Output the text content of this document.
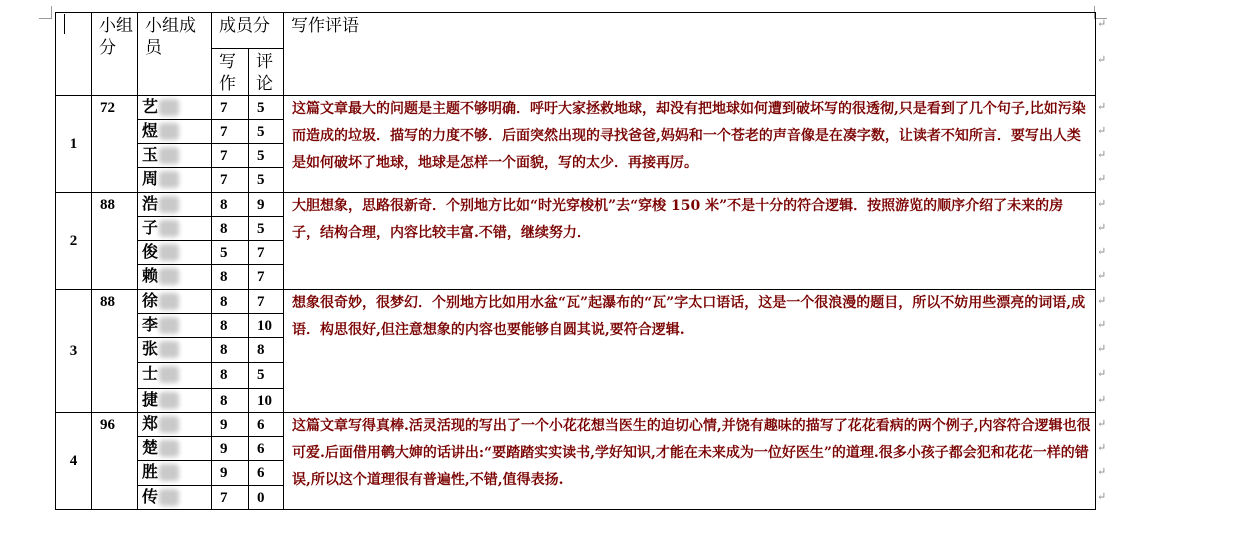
	小组分	小组成员	成员分		写作评语
			写作	评论	
1	72	艺	7	5	这篇文章最大的问题是主题不够明确．呼吁大家拯救地球，却没有把地球如何遭到破坏写的很透彻,只是看到了几个句子,比如污染而造成的垃圾．描写的力度不够．后面突然出现的寻找爸爸,妈妈和一个苍老的声音像是在凑字数，让读者不知所言．要写出人类是如何破坏了地球，地球是怎样一个面貌，写的太少．再接再厉。
		煜	7	5	
		玉	7	5	
		周	7	5	
2	88	浩	8	9	大胆想象，思路很新奇．个别地方比如“时光穿梭机”去“穿梭 150 米”不是十分的符合逻辑．按照游览的顺序介绍了未来的房子，结构合理，内容比较丰富.不错，继续努力．
		子	8	5	
		俊	5	7	
		赖	8	7	
3	88	徐	8	7	想象很奇妙，很梦幻．个别地方比如用水盆“瓦”起瀑布的“瓦”字太口语话，这是一个很浪漫的题目，所以不妨用些漂亮的词语,成语．构思很好,但注意想象的内容也要能够自圆其说,要符合逻辑.
		李	8	10	
		张	8	8	
		士	8	5	
		捷	8	10	
4	96	郑	9	6	这篇文章写得真棒.活灵活现的写出了一个小花花想当医生的迫切心情,并饶有趣味的描写了花花看病的两个例子,内容符合逻辑也很可爱.后面借用鹌大婶的话讲出:“要踏踏实实读书,学好知识,才能在未来成为一位好医生”的道理.很多小孩子都会犯和花花一样的错误,所以这个道理很有普遍性,不错,值得表扬.
		楚	9	6	
		胜	9	6	
		传	7	0	
↵
↵
↵
↵
↵
↵
↵
↵
↵
↵
↵
↵
↵
↵
↵
↵
↵
↵
↵
